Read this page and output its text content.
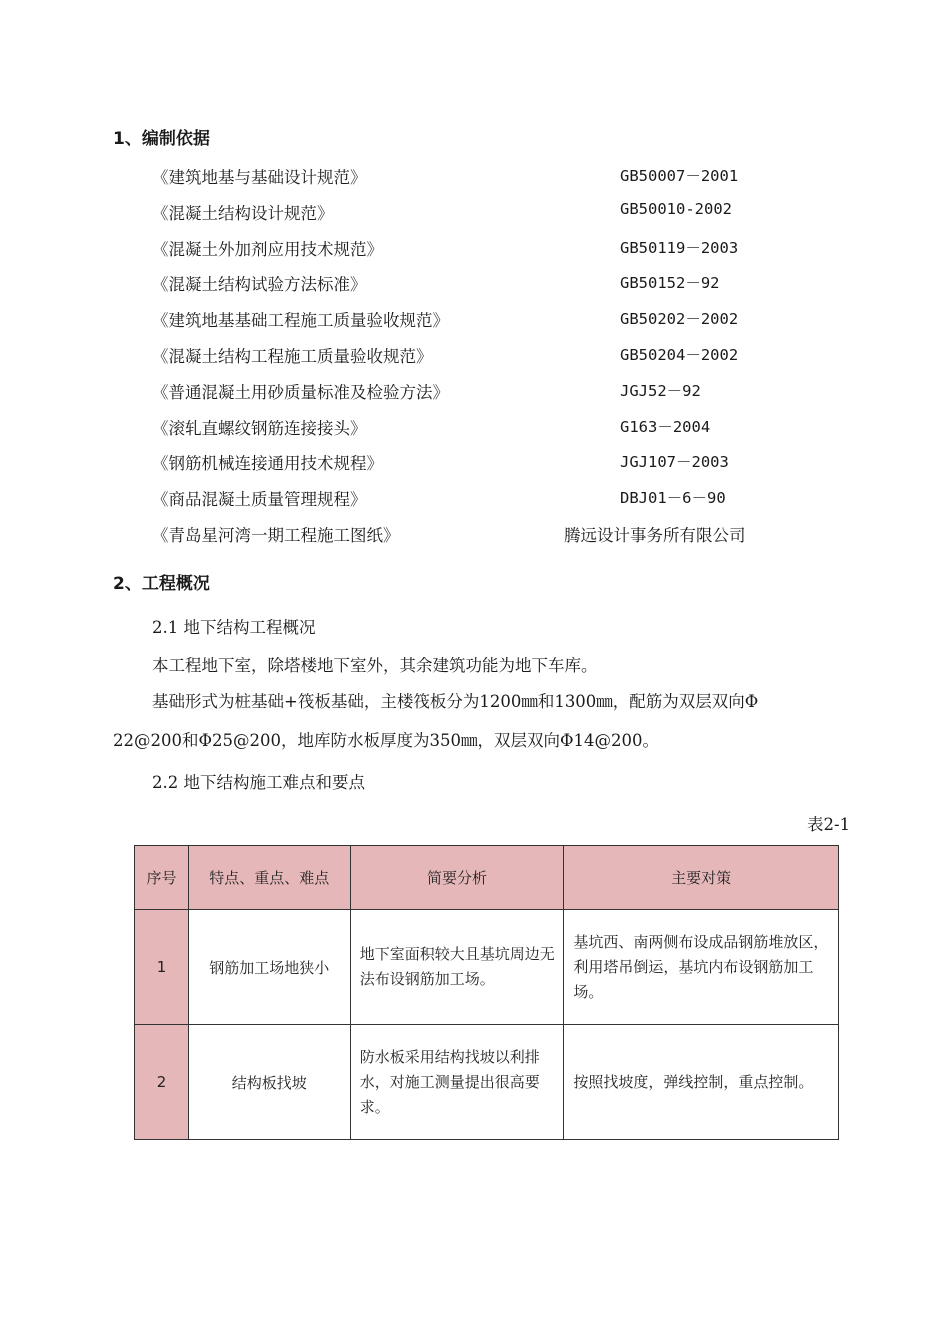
1、编制依据
《建筑地基与基础设计规范》	GB50007－2001
《混凝土结构设计规范》	GB50010-2002
《混凝土外加剂应用技术规范》	GB50119－2003
《混凝土结构试验方法标准》	GB50152－92
《建筑地基基础工程施工质量验收规范》	GB50202－2002
《混凝土结构工程施工质量验收规范》	GB50204－2002
《普通混凝土用砂质量标准及检验方法》	JGJ52－92
《滚轧直螺纹钢筋连接接头》	G163－2004
《钢筋机械连接通用技术规程》	JGJ107－2003
《商品混凝土质量管理规程》	DBJ01－6－90
《青岛星河湾一期工程施工图纸》	腾远设计事务所有限公司
2、工程概况
2.1 地下结构工程概况
本工程地下室，除塔楼地下室外，其余建筑功能为地下车库。
基础形式为桩基础+筏板基础，主楼筏板分为1200㎜和1300㎜，配筋为双层双向Φ
22@200和Φ25@200，地库防水板厚度为350㎜，双层双向Φ14@200。
2.2 地下结构施工难点和要点
表2-1
序号	特点、重点、难点	简要分析	主要对策
1	钢筋加工场地狭小	地下室面积较大且基坑周边无法布设钢筋加工场。	基坑西、南两侧布设成品钢筋堆放区，利用塔吊倒运，基坑内布设钢筋加工场。
2	结构板找坡	防水板采用结构找坡以利排水，对施工测量提出很高要求。	按照找坡度，弹线控制，重点控制。
